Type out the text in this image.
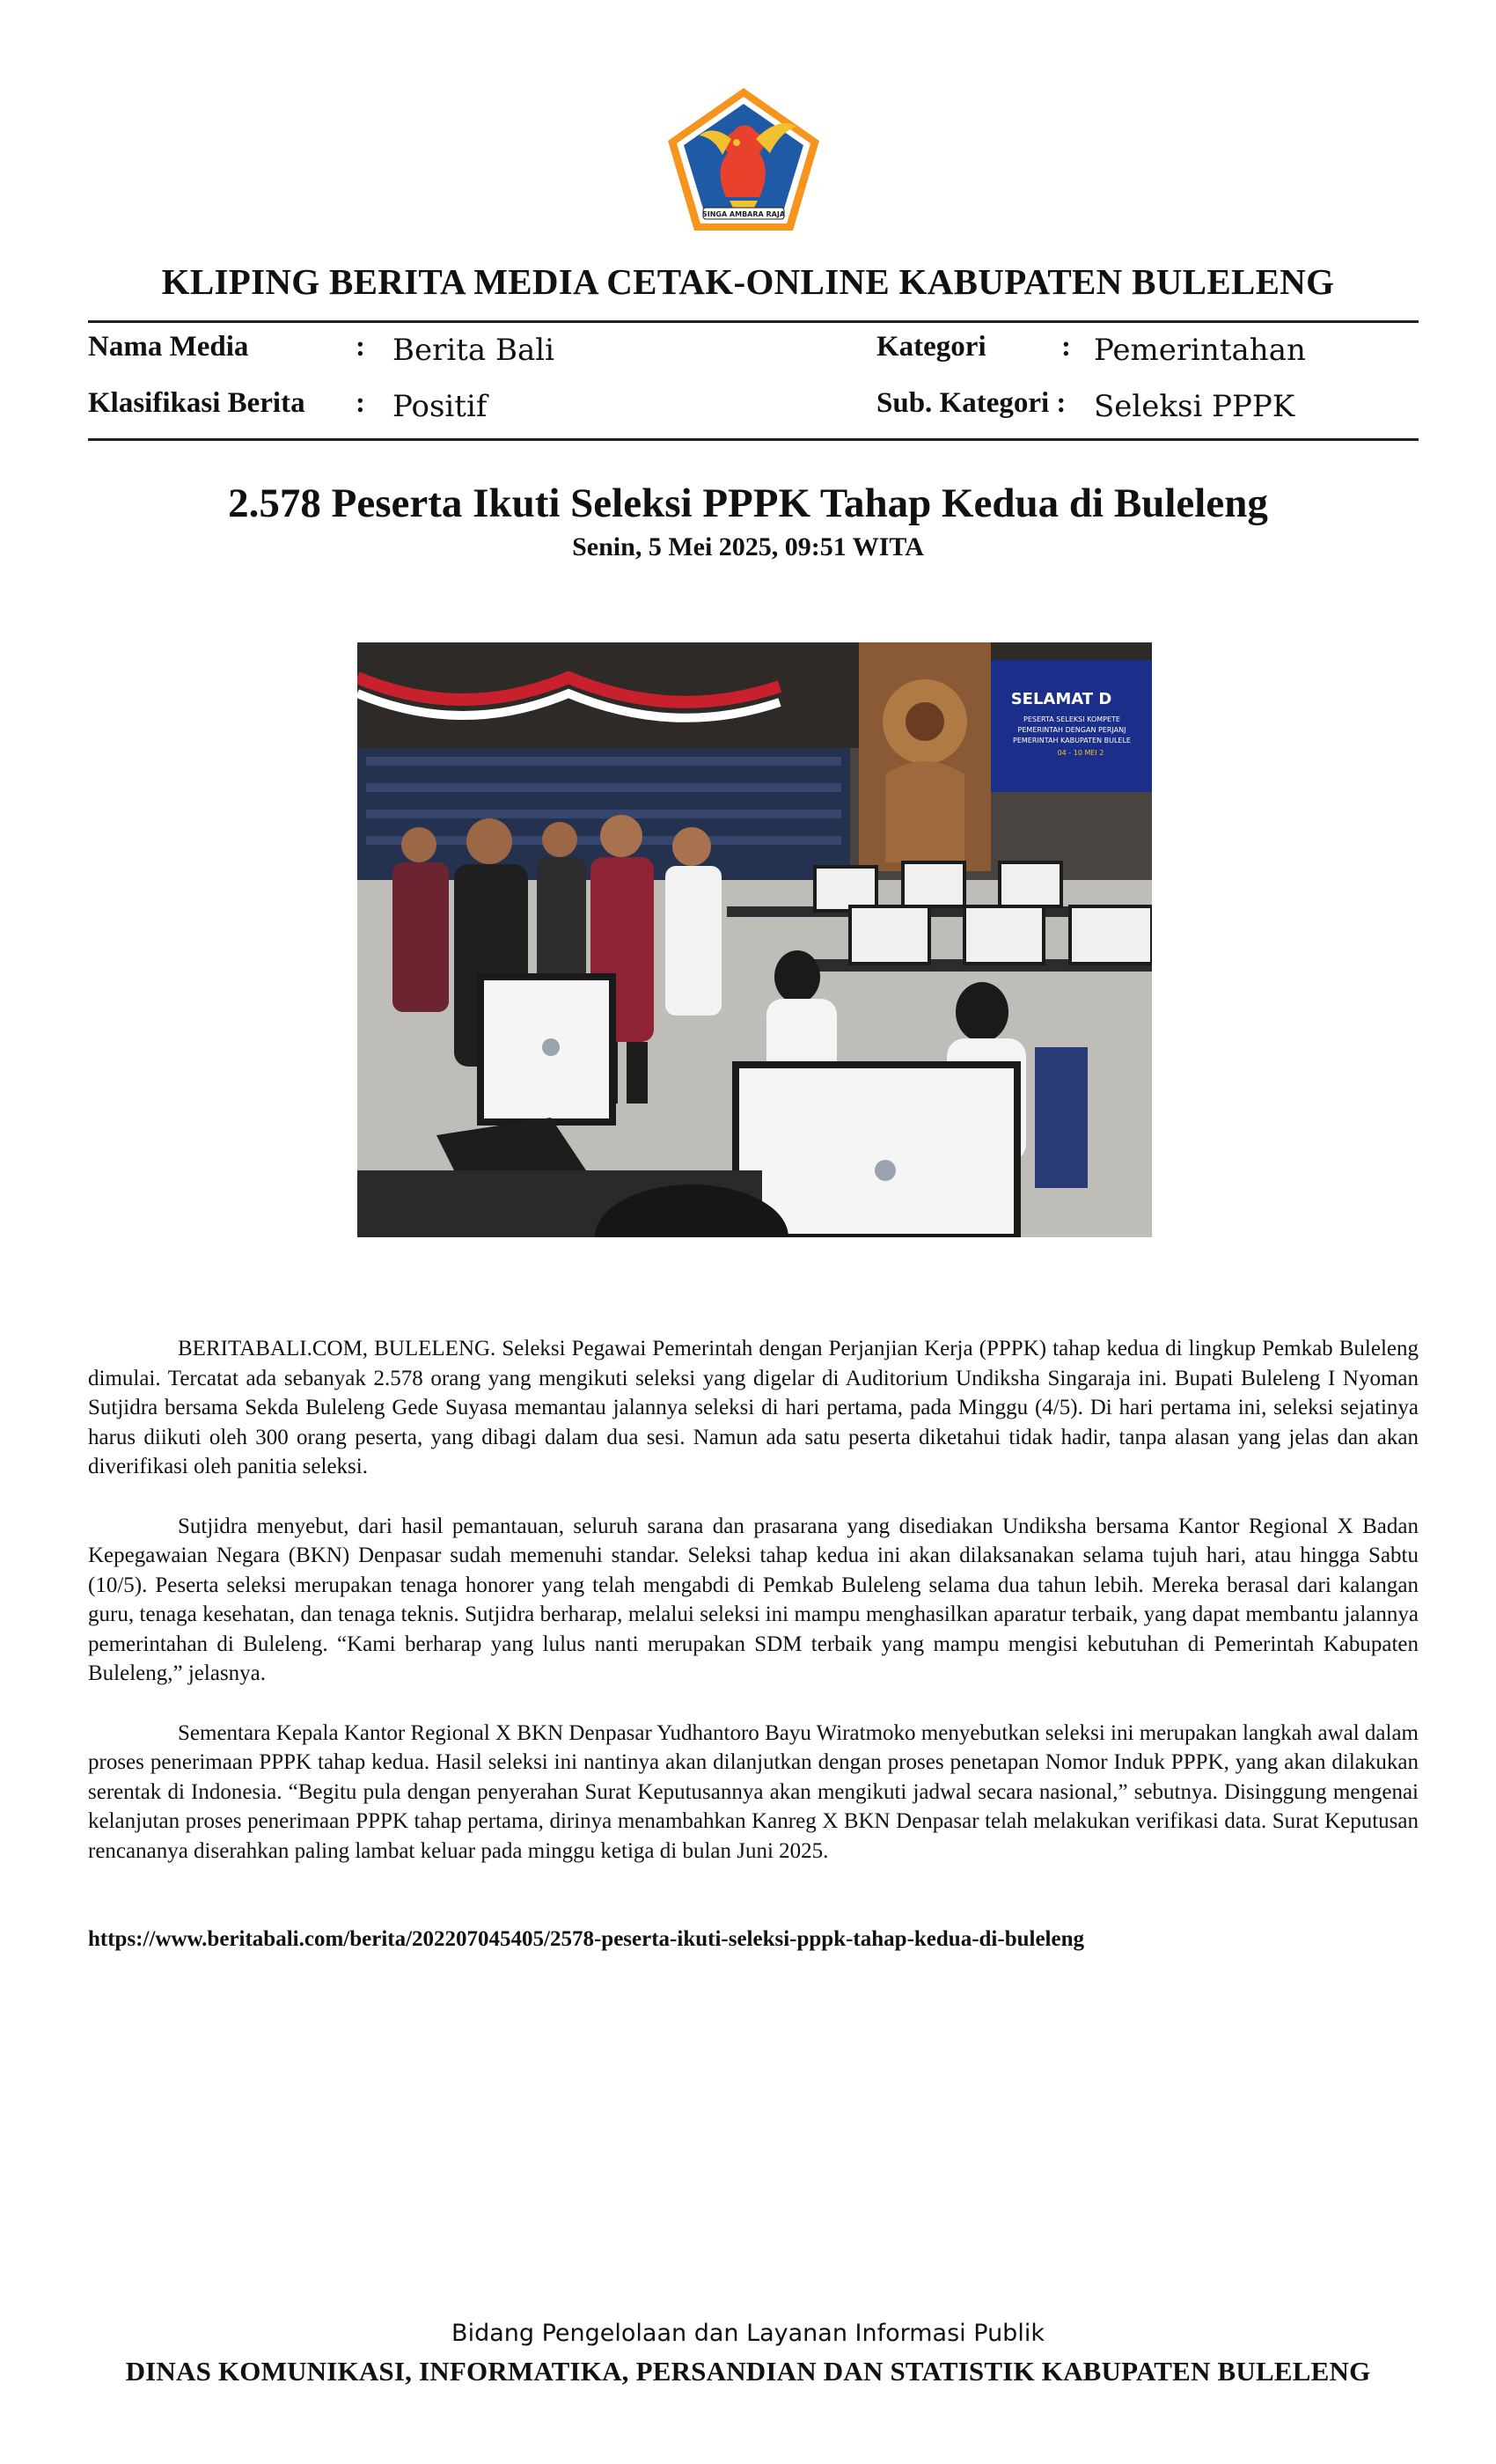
SINGA AMBARA RAJA
KLIPING BERITA MEDIA CETAK-ONLINE KABUPATEN BULELENG
Nama Media	: Berita Bali	Kategori	: Pemerintahan
Klasifikasi Berita : Positif	Sub. Kategori : Seleksi PPPK
2.578 Peserta Ikuti Seleksi PPPK Tahap Kedua di Buleleng
Senin, 5 Mei 2025, 09:51 WITA
SELAMAT D
PESERTA SELEKSI KOMPETE
PEMERINTAH DENGAN PERJANJ
PEMERINTAH KABUPATEN BULELE
04 - 10 MEI 2

BERITABALI.COM, BULELENG. Seleksi Pegawai Pemerintah dengan Perjanjian Kerja (PPPK) tahap kedua di lingkup Pemkab Buleleng dimulai. Tercatat ada sebanyak 2.578 orang yang mengikuti seleksi yang digelar di Auditorium Undiksha Singaraja ini. Bupati Buleleng I Nyoman Sutjidra bersama Sekda Buleleng Gede Suyasa memantau jalannya seleksi di hari pertama, pada Minggu (4/5). Di hari pertama ini, seleksi sejatinya harus diikuti oleh 300 orang peserta, yang dibagi dalam dua sesi. Namun ada satu peserta diketahui tidak hadir, tanpa alasan yang jelas dan akan diverifikasi oleh panitia seleksi.

Sutjidra menyebut, dari hasil pemantauan, seluruh sarana dan prasarana yang disediakan Undiksha bersama Kantor Regional X Badan Kepegawaian Negara (BKN) Denpasar sudah memenuhi standar. Seleksi tahap kedua ini akan dilaksanakan selama tujuh hari, atau hingga Sabtu (10/5). Peserta seleksi merupakan tenaga honorer yang telah mengabdi di Pemkab Buleleng selama dua tahun lebih. Mereka berasal dari kalangan guru, tenaga kesehatan, dan tenaga teknis. Sutjidra berharap, melalui seleksi ini mampu menghasilkan aparatur terbaik, yang dapat membantu jalannya pemerintahan di Buleleng. “Kami berharap yang lulus nanti merupakan SDM terbaik yang mampu mengisi kebutuhan di Pemerintah Kabupaten Buleleng,” jelasnya.

Sementara Kepala Kantor Regional X BKN Denpasar Yudhantoro Bayu Wiratmoko menyebutkan seleksi ini merupakan langkah awal dalam proses penerimaan PPPK tahap kedua. Hasil seleksi ini nantinya akan dilanjutkan dengan proses penetapan Nomor Induk PPPK, yang akan dilakukan serentak di Indonesia. “Begitu pula dengan penyerahan Surat Keputusannya akan mengikuti jadwal secara nasional,” sebutnya. Disinggung mengenai kelanjutan proses penerimaan PPPK tahap pertama, dirinya menambahkan Kanreg X BKN Denpasar telah melakukan verifikasi data. Surat Keputusan rencananya diserahkan paling lambat keluar pada minggu ketiga di bulan Juni 2025.

https://www.beritabali.com/berita/202207045405/2578-peserta-ikuti-seleksi-pppk-tahap-kedua-di-buleleng
Bidang Pengelolaan dan Layanan Informasi Publik
DINAS KOMUNIKASI, INFORMATIKA, PERSANDIAN DAN STATISTIK KABUPATEN BULELENG
